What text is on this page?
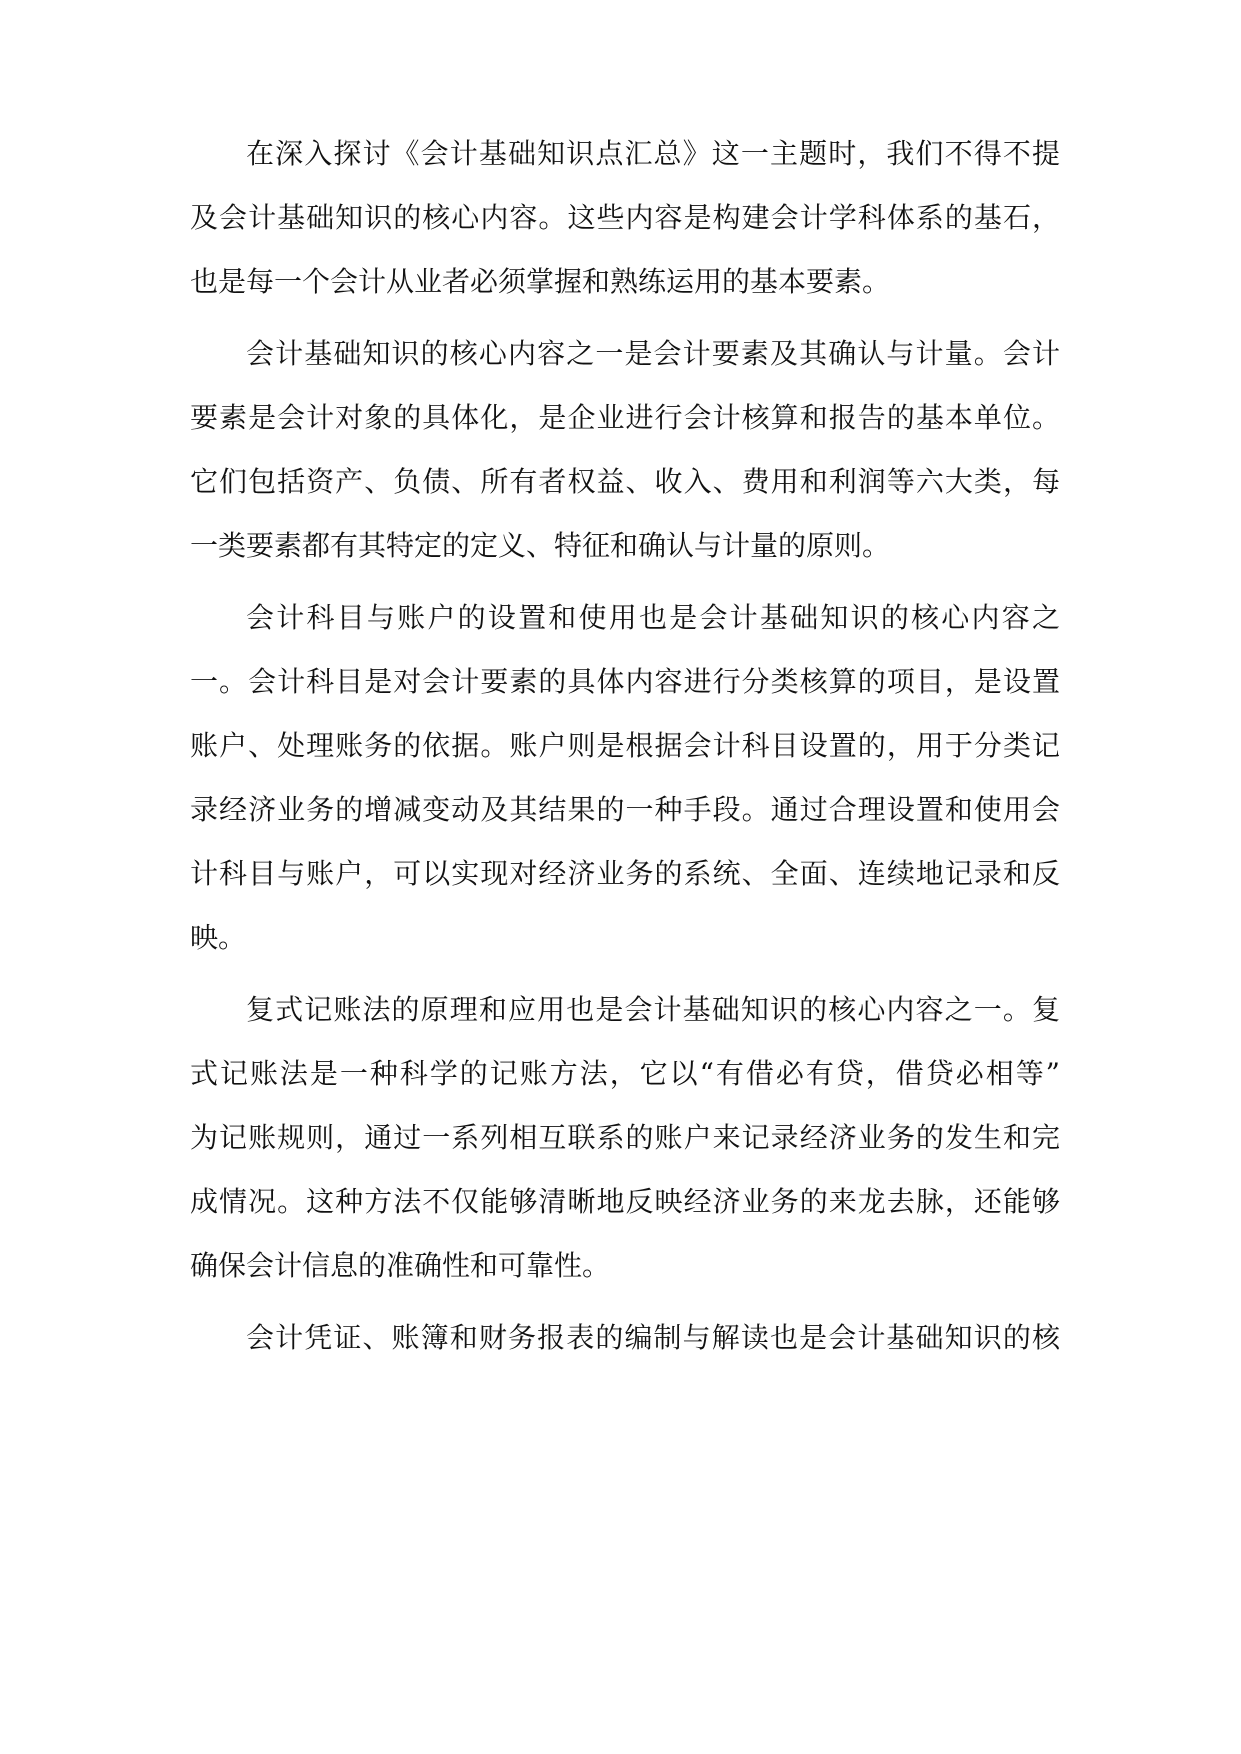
在深入探讨《会计基础知识点汇总》这一主题时，我们不得不提
及会计基础知识的核心内容。这些内容是构建会计学科体系的基石，
也是每一个会计从业者必须掌握和熟练运用的基本要素。
会计基础知识的核心内容之一是会计要素及其确认与计量。会计
要素是会计对象的具体化，是企业进行会计核算和报告的基本单位。
它们包括资产、负债、所有者权益、收入、费用和利润等六大类，每
一类要素都有其特定的定义、特征和确认与计量的原则。
会计科目与账户的设置和使用也是会计基础知识的核心内容之
一。会计科目是对会计要素的具体内容进行分类核算的项目，是设置
账户、处理账务的依据。账户则是根据会计科目设置的，用于分类记
录经济业务的增减变动及其结果的一种手段。通过合理设置和使用会
计科目与账户，可以实现对经济业务的系统、全面、连续地记录和反
映。
复式记账法的原理和应用也是会计基础知识的核心内容之一。复
式记账法是一种科学的记账方法，它以“有借必有贷，借贷必相等”
为记账规则，通过一系列相互联系的账户来记录经济业务的发生和完
成情况。这种方法不仅能够清晰地反映经济业务的来龙去脉，还能够
确保会计信息的准确性和可靠性。
会计凭证、账簿和财务报表的编制与解读也是会计基础知识的核
